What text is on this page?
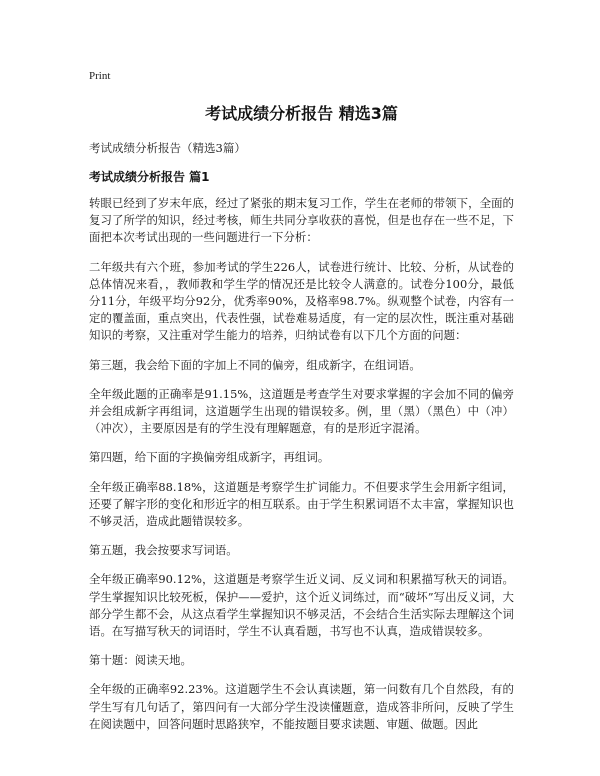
Print
考试成绩分析报告 精选3篇
考试成绩分析报告（精选3篇）
考试成绩分析报告 篇1

转眼已经到了岁末年底，经过了紧张的期末复习工作，学生在老师的带领下，全面的复习了所学的知识，经过考核，师生共同分享收获的喜悦，但是也存在一些不足，下面把本次考试出现的一些问题进行一下分析：

二年级共有六个班，参加考试的学生226人，试卷进行统计、比较、分析，从试卷的总体情况来看，，教师教和学生学的情况还是比较令人满意的。试卷分100分，最低分11分，年级平均分92分，优秀率90%，及格率98.7%。纵观整个试卷，内容有一定的覆盖面，重点突出，代表性强，试卷难易适度，有一定的层次性，既注重对基础知识的考察，又注重对学生能力的培养，归纳试卷有以下几个方面的问题：

第三题，我会给下面的字加上不同的偏旁，组成新字，在组词语。

全年级此题的正确率是91.15%，这道题是考查学生对要求掌握的字会加不同的偏旁并会组成新字再组词，这道题学生出现的错误较多。例，里（黑）（黑色）中（冲）（冲次），主要原因是有的学生没有理解题意，有的是形近字混淆。

第四题，给下面的字换偏旁组成新字，再组词。

全年级正确率88.18%，这道题是考察学生扩词能力。不但要求学生会用新字组词，还要了解字形的变化和形近字的相互联系。由于学生积累词语不太丰富，掌握知识也不够灵活，造成此题错误较多。

第五题，我会按要求写词语。

全年级正确率90.12%，这道题是考察学生近义词、反义词和积累描写秋天的词语。学生掌握知识比较死板，保护——爱护，这个近义词练过，而“破坏”写出反义词，大部分学生都不会，从这点看学生掌握知识不够灵活，不会结合生活实际去理解这个词语。在写描写秋天的词语时，学生不认真看题，书写也不认真，造成错误较多。

第十题：阅读天地。

全年级的正确率92.23%。这道题学生不会认真读题，第一问数有几个自然段，有的学生写有几句话了，第四问有一大部分学生没读懂题意，造成答非所问，反映了学生在阅读题中，回答问题时思路狭窄，不能按题目要求读题、审题、做题。因此
